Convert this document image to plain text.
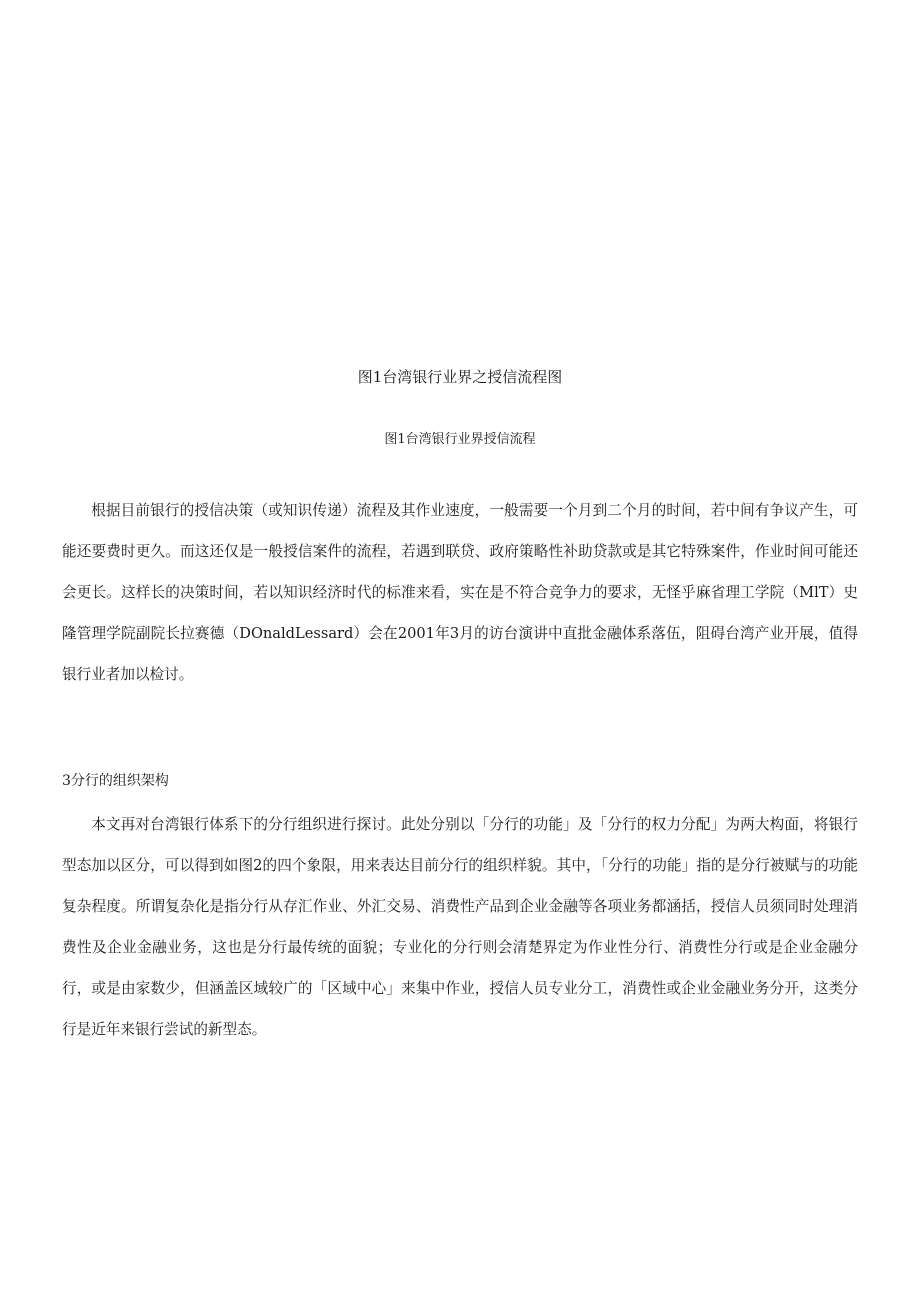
图1台湾银行业界之授信流程图
图1台湾银行业界授信流程

根据目前银行的授信决策（或知识传递）流程及其作业速度，一般需要一个月到二个月的时间，若中间有争议产生，可能还要费时更久。而这还仅是一般授信案件的流程，若遇到联贷、政府策略性补助贷款或是其它特殊案件，作业时间可能还会更长。这样长的决策时间，若以知识经济时代的标准来看，实在是不符合竞争力的要求，无怪乎麻省理工学院（MlT）史隆管理学院副院长拉赛德（DOnaldLessard）会在2001年3月的访台演讲中直批金融体系落伍，阻碍台湾产业开展，值得银行业者加以检讨。

3分行的组织架构

本文再对台湾银行体系下的分行组织进行探讨。此处分别以「分行的功能」及「分行的权力分配」为两大构面，将银行型态加以区分，可以得到如图2的四个象限，用来表达目前分行的组织样貌。其中，「分行的功能」指的是分行被赋与的功能复杂程度。所谓复杂化是指分行从存汇作业、外汇交易、消费性产品到企业金融等各项业务都涵括，授信人员须同时处理消费性及企业金融业务，这也是分行最传统的面貌；专业化的分行则会清楚界定为作业性分行、消费性分行或是企业金融分行，或是由家数少，但涵盖区域较广的「区域中心」来集中作业，授信人员专业分工，消费性或企业金融业务分开，这类分行是近年来银行尝试的新型态。
